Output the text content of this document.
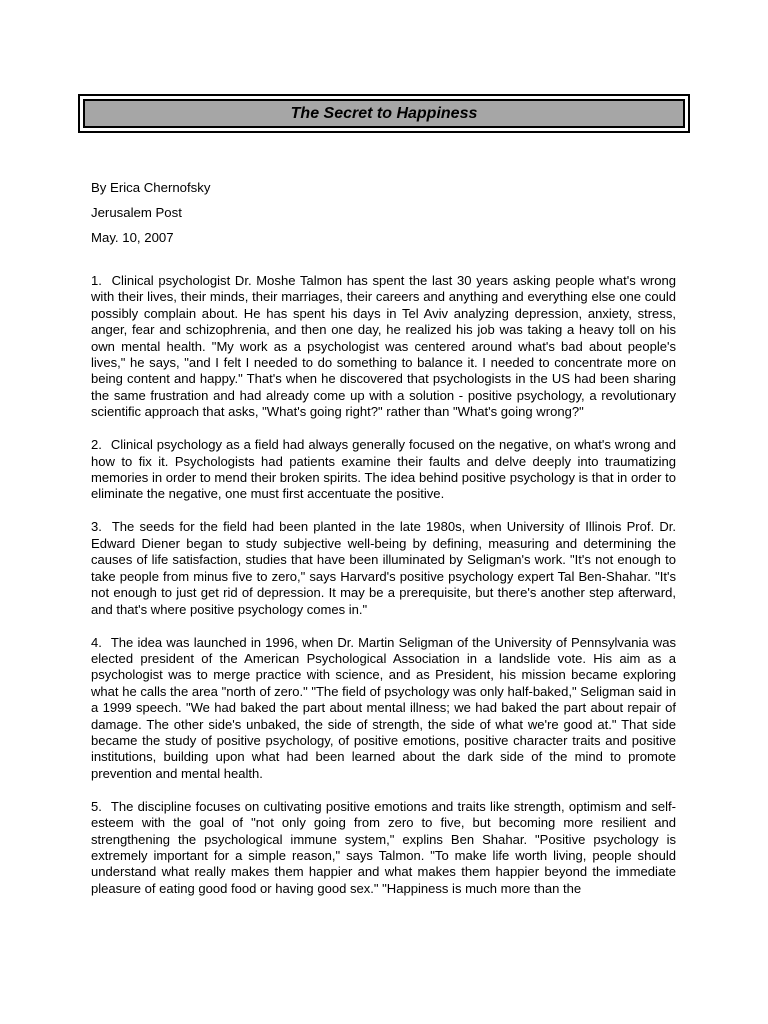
The Secret to Happiness
By Erica Chernofsky
Jerusalem Post
May. 10, 2007

1. Clinical psychologist Dr. Moshe Talmon has spent the last 30 years asking people what's wrong with their lives, their minds, their marriages, their careers and anything and everything else one could possibly complain about. He has spent his days in Tel Aviv analyzing depression, anxiety, stress, anger, fear and schizophrenia, and then one day, he realized his job was taking a heavy toll on his own mental health. "My work as a psychologist was centered around what's bad about people's lives," he says, "and I felt I needed to do something to balance it. I needed to concentrate more on being content and happy." That's when he discovered that psychologists in the US had been sharing the same frustration and had already come up with a solution - positive psychology, a revolutionary scientific approach that asks, "What's going right?" rather than "What's going wrong?"

2. Clinical psychology as a field had always generally focused on the negative, on what's wrong and how to fix it. Psychologists had patients examine their faults and delve deeply into traumatizing memories in order to mend their broken spirits. The idea behind positive psychology is that in order to eliminate the negative, one must first accentuate the positive.

3. The seeds for the field had been planted in the late 1980s, when University of Illinois Prof. Dr. Edward Diener began to study subjective well-being by defining, measuring and determining the causes of life satisfaction, studies that have been illuminated by Seligman's work. "It's not enough to take people from minus five to zero," says Harvard's positive psychology expert Tal Ben-Shahar. "It's not enough to just get rid of depression. It may be a prerequisite, but there's another step afterward, and that's where positive psychology comes in."

4. The idea was launched in 1996, when Dr. Martin Seligman of the University of Pennsylvania was elected president of the American Psychological Association in a landslide vote. His aim as a psychologist was to merge practice with science, and as President, his mission became exploring what he calls the area "north of zero." "The field of psychology was only half-baked," Seligman said in a 1999 speech. "We had baked the part about mental illness; we had baked the part about repair of damage. The other side's unbaked, the side of strength, the side of what we're good at." That side became the study of positive psychology, of positive emotions, positive character traits and positive institutions, building upon what had been learned about the dark side of the mind to promote prevention and mental health.

5. The discipline focuses on cultivating positive emotions and traits like strength, optimism and self-esteem with the goal of "not only going from zero to five, but becoming more resilient and strengthening the psychological immune system," explins Ben Shahar. "Positive psychology is extremely important for a simple reason," says Talmon. "To make life worth living, people should understand what really makes them happier and what makes them happier beyond the immediate pleasure of eating good food or having good sex." "Happiness is much more than the
